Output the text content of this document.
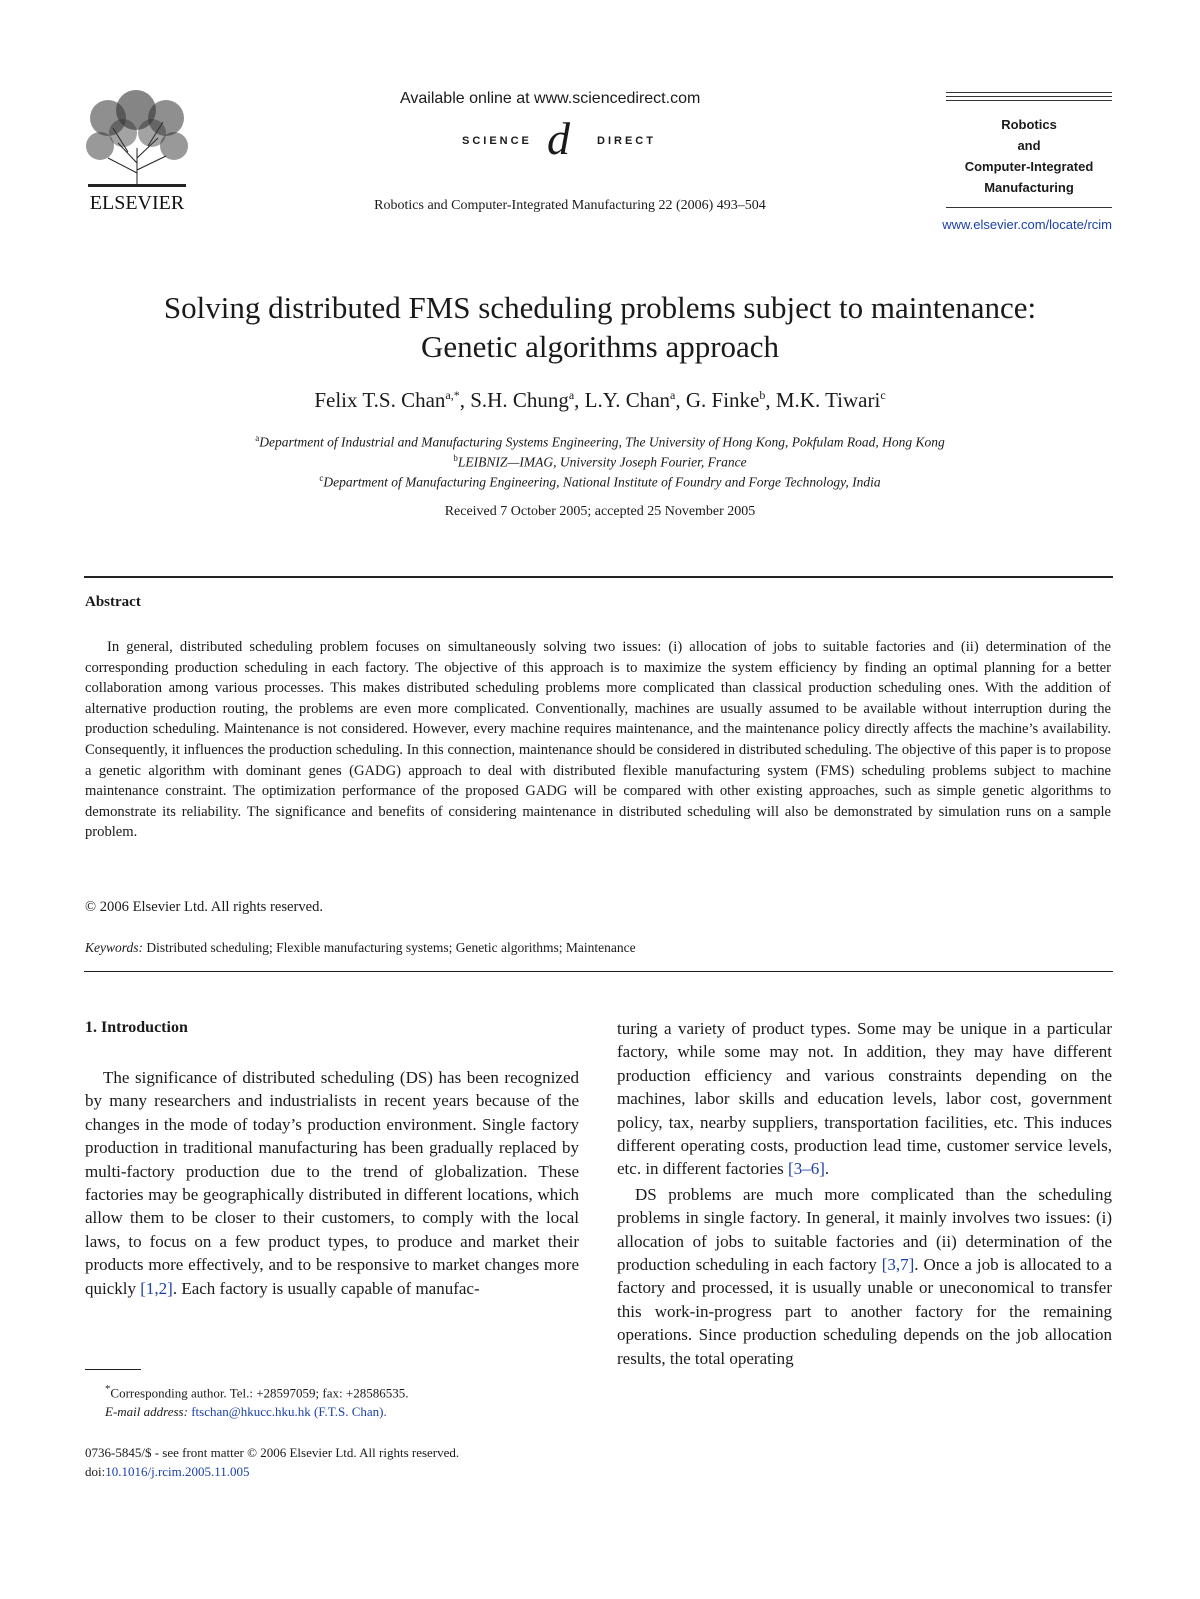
ELSEVIER
Available online at www.sciencedirect.com
SCIENCE d DIRECT
Robotics and Computer-Integrated Manufacturing 22 (2006) 493–504
Robotics
and
Computer-Integrated
Manufacturing
www.elsevier.com/locate/rcim
Solving distributed FMS scheduling problems subject to maintenance:
Genetic algorithms approach
Felix T.S. Chan$^{a,*}$, S.H. Chung$^a$, L.Y. Chan$^a$, G. Finke$^b$, M.K. Tiwari$^c$
$^a$Department of Industrial and Manufacturing Systems Engineering, The University of Hong Kong, Pokfulam Road, Hong Kong
$^b$LEIBNIZ—IMAG, University Joseph Fourier, France
$^c$Department of Manufacturing Engineering, National Institute of Foundry and Forge Technology, India
Received 7 October 2005; accepted 25 November 2005
Abstract
In general, distributed scheduling problem focuses on simultaneously solving two issues: (i) allocation of jobs to suitable factories and (ii) determination of the corresponding production scheduling in each factory. The objective of this approach is to maximize the system efficiency by finding an optimal planning for a better collaboration among various processes. This makes distributed scheduling problems more complicated than classical production scheduling ones. With the addition of alternative production routing, the problems are even more complicated. Conventionally, machines are usually assumed to be available without interruption during the production scheduling. Maintenance is not considered. However, every machine requires maintenance, and the maintenance policy directly affects the machine’s availability. Consequently, it influences the production scheduling. In this connection, maintenance should be considered in distributed scheduling. The objective of this paper is to propose a genetic algorithm with dominant genes (GADG) approach to deal with distributed flexible manufacturing system (FMS) scheduling problems subject to machine maintenance constraint. The optimization performance of the proposed GADG will be compared with other existing approaches, such as simple genetic algorithms to demonstrate its reliability. The significance and benefits of considering maintenance in distributed scheduling will also be demonstrated by simulation runs on a sample problem.
© 2006 Elsevier Ltd. All rights reserved.
Keywords: Distributed scheduling; Flexible manufacturing systems; Genetic algorithms; Maintenance
1. Introduction
The significance of distributed scheduling (DS) has been recognized by many researchers and industrialists in recent years because of the changes in the mode of today’s production environment. Single factory production in traditional manufacturing has been gradually replaced by multi-factory production due to the trend of globalization. These factories may be geographically distributed in different locations, which allow them to be closer to their customers, to comply with the local laws, to focus on a few product types, to produce and market their products more effectively, and to be responsive to market changes more quickly [1,2]. Each factory is usually capable of manufac-

turing a variety of product types. Some may be unique in a particular factory, while some may not. In addition, they may have different production efficiency and various constraints depending on the machines, labor skills and education levels, labor cost, government policy, tax, nearby suppliers, transportation facilities, etc. This induces different operating costs, production lead time, customer service levels, etc. in different factories [3–6].

DS problems are much more complicated than the scheduling problems in single factory. In general, it mainly involves two issues: (i) allocation of jobs to suitable factories and (ii) determination of the production scheduling in each factory [3,7]. Once a job is allocated to a factory and processed, it is usually unable or uneconomical to transfer this work-in-progress part to another factory for the remaining operations. Since production scheduling depends on the job allocation results, the total operating

*Corresponding author. Tel.: +28597059; fax: +28586535.
E-mail address: ftschan@hkucc.hku.hk (F.T.S. Chan).
0736-5845/$ - see front matter © 2006 Elsevier Ltd. All rights reserved.
doi:10.1016/j.rcim.2005.11.005
